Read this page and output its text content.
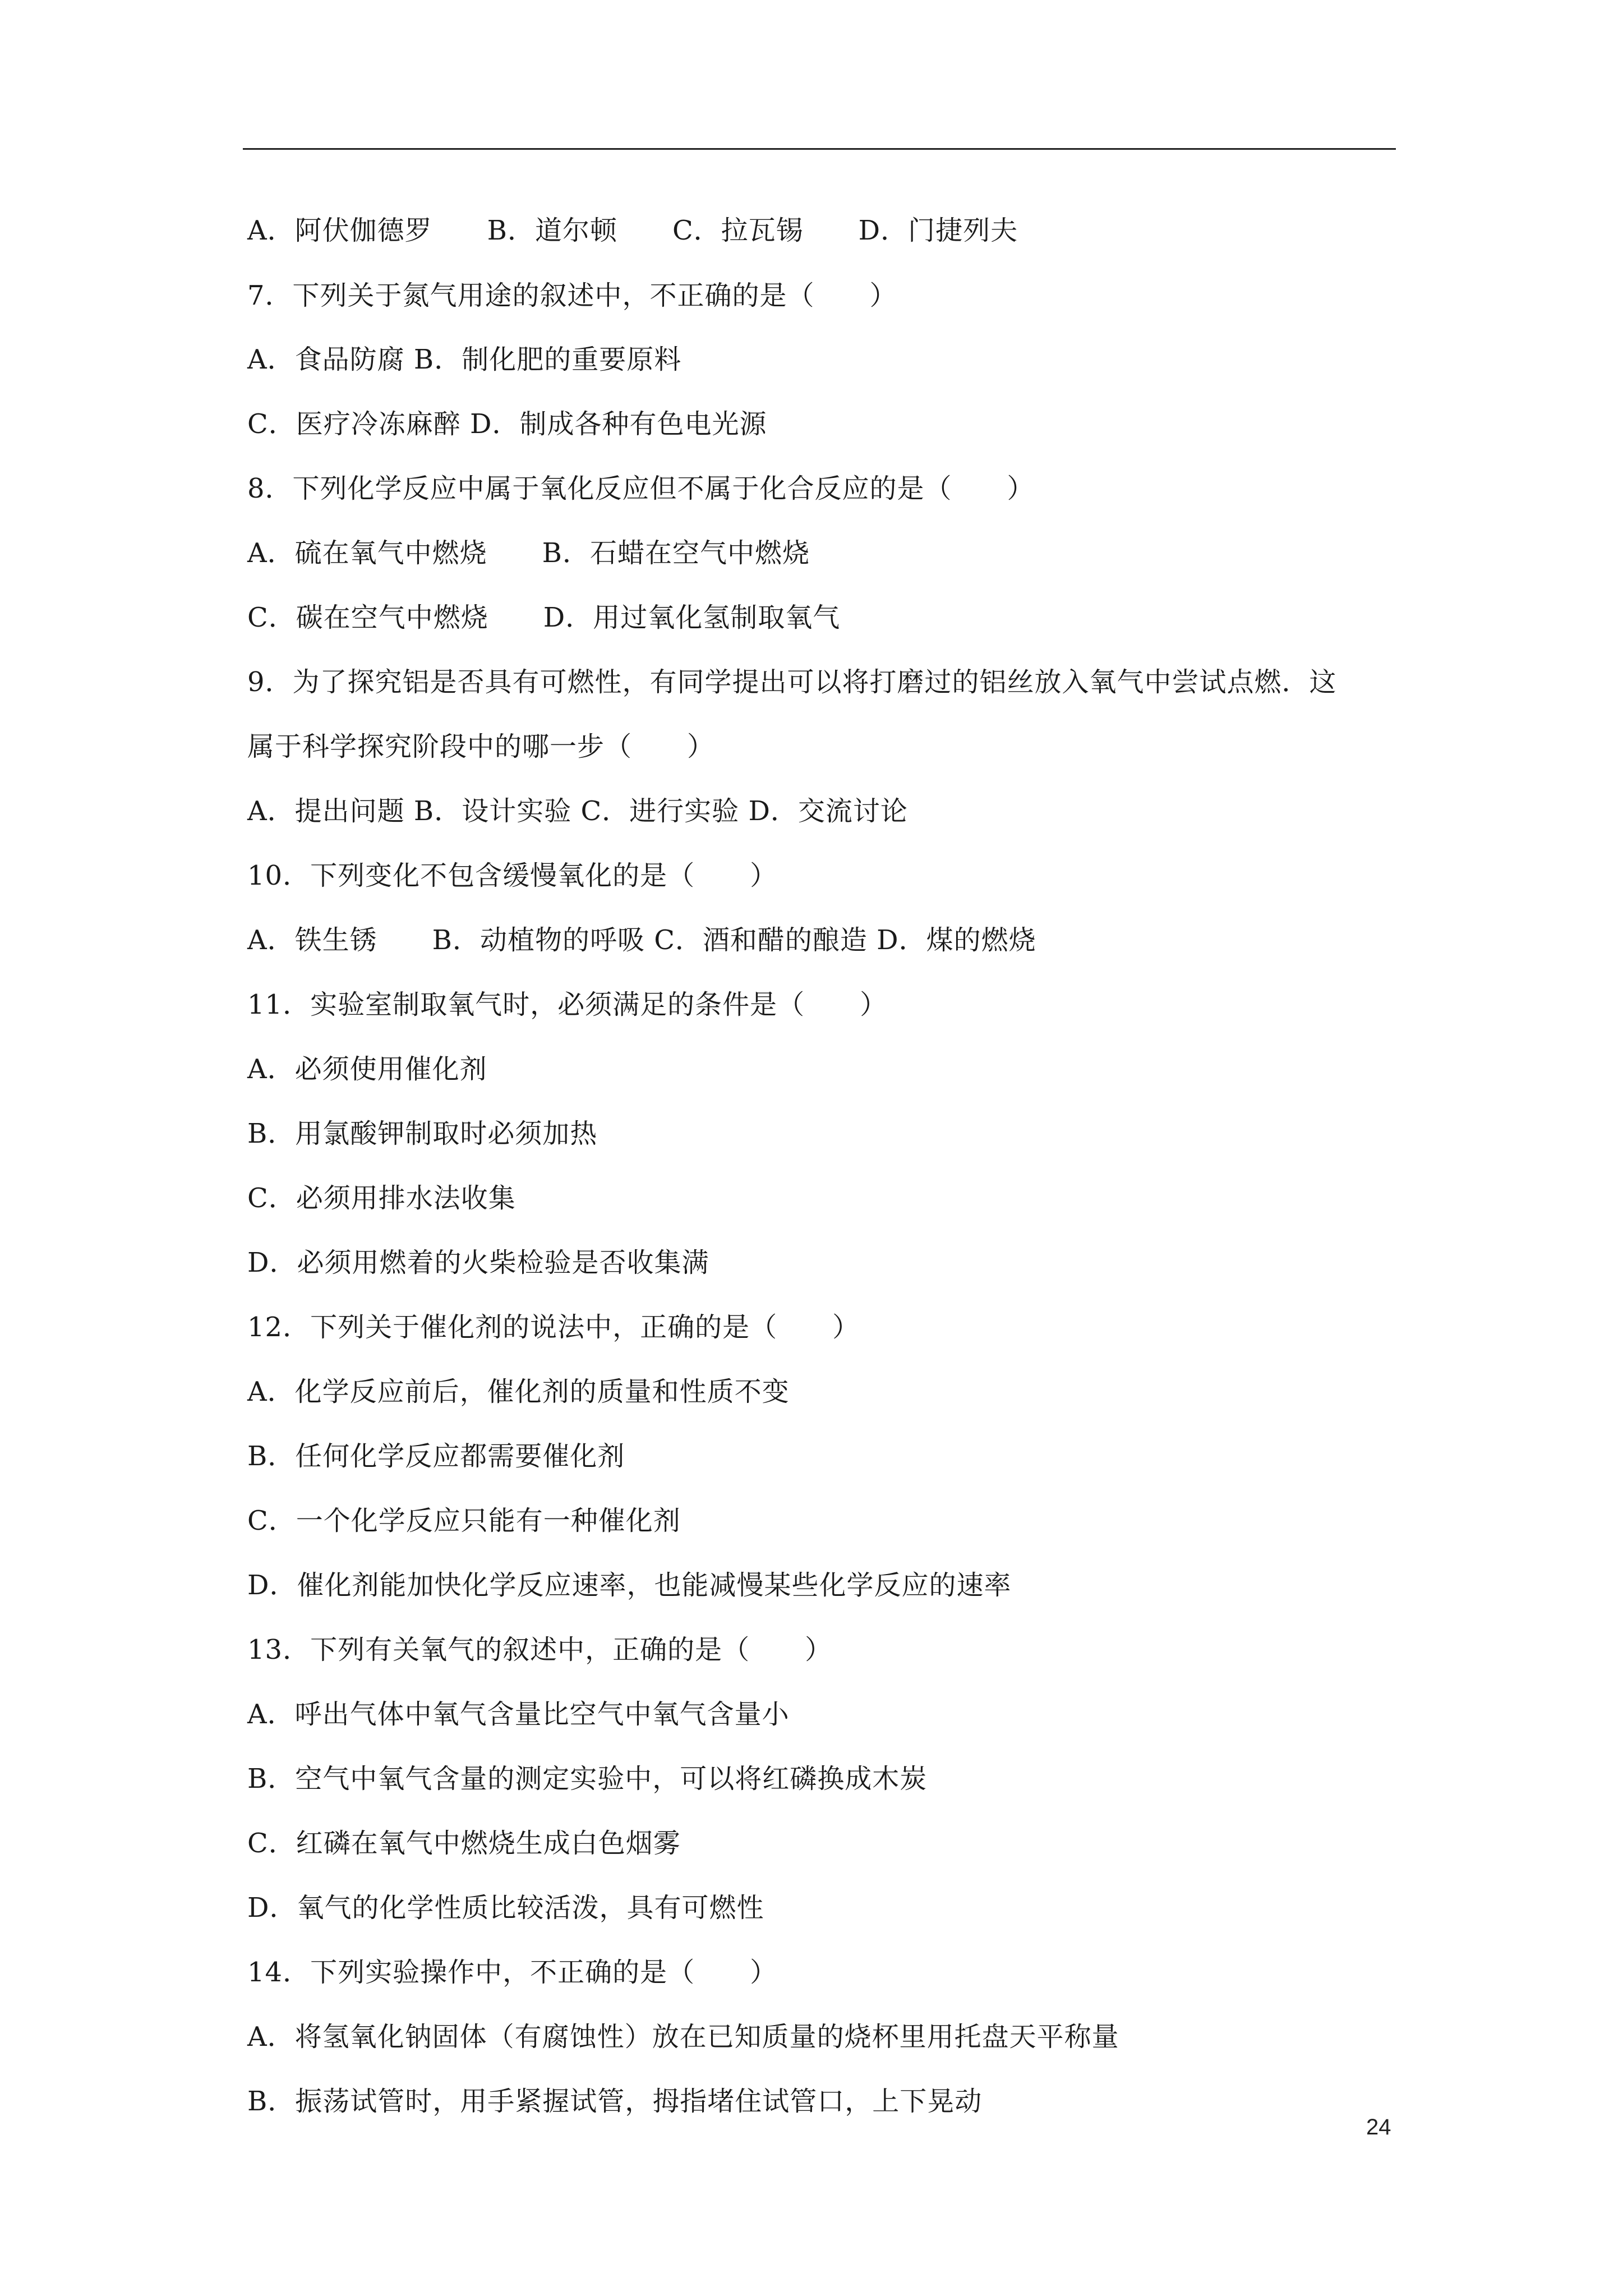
A．阿伏伽德罗　　B．道尔顿　　C．拉瓦锡　　D．门捷列夫
7．下列关于氮气用途的叙述中，不正确的是（　　）
A．食品防腐 B．制化肥的重要原料
C．医疗冷冻麻醉 D．制成各种有色电光源
8．下列化学反应中属于氧化反应但不属于化合反应的是（　　）
A．硫在氧气中燃烧　　B．石蜡在空气中燃烧
C．碳在空气中燃烧　　D．用过氧化氢制取氧气
9．为了探究铝是否具有可燃性，有同学提出可以将打磨过的铝丝放入氧气中尝试点燃．这
属于科学探究阶段中的哪一步（　　）
A．提出问题 B．设计实验 C．进行实验 D．交流讨论
10．下列变化不包含缓慢氧化的是（　　）
A．铁生锈　　B．动植物的呼吸 C．酒和醋的酿造 D．煤的燃烧
11．实验室制取氧气时，必须满足的条件是（　　）
A．必须使用催化剂
B．用氯酸钾制取时必须加热
C．必须用排水法收集
D．必须用燃着的火柴检验是否收集满
12．下列关于催化剂的说法中，正确的是（　　）
A．化学反应前后，催化剂的质量和性质不变
B．任何化学反应都需要催化剂
C．一个化学反应只能有一种催化剂
D．催化剂能加快化学反应速率，也能减慢某些化学反应的速率
13．下列有关氧气的叙述中，正确的是（　　）
A．呼出气体中氧气含量比空气中氧气含量小
B．空气中氧气含量的测定实验中，可以将红磷换成木炭
C．红磷在氧气中燃烧生成白色烟雾
D．氧气的化学性质比较活泼，具有可燃性
14．下列实验操作中，不正确的是（　　）
A．将氢氧化钠固体（有腐蚀性）放在已知质量的烧杯里用托盘天平称量
B．振荡试管时，用手紧握试管，拇指堵住试管口，上下晃动
24
